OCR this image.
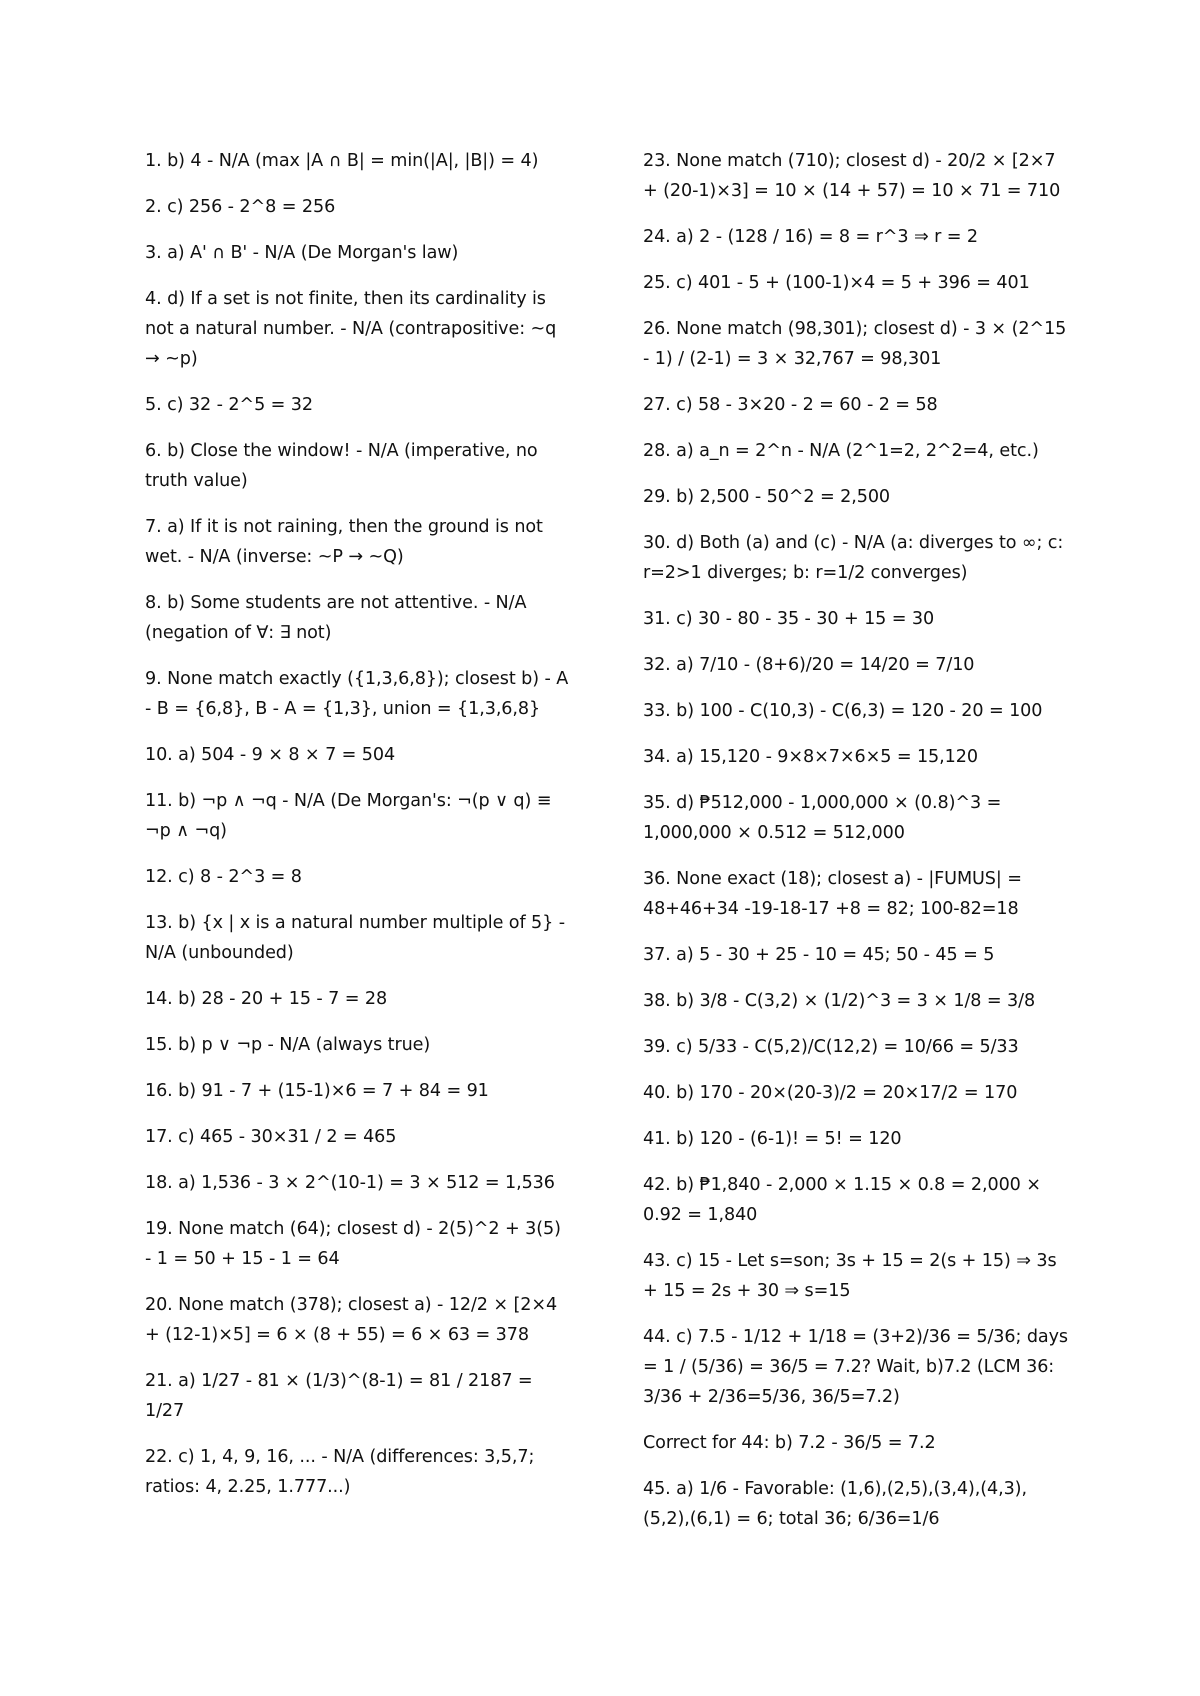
1. b) 4 - N/A (max |A ∩ B| = min(|A|, |B|) = 4)

2. c) 256 - 2^8 = 256

3. a) A' ∩ B' - N/A (De Morgan's law)

4. d) If a set is not finite, then its cardinality is not a natural number. - N/A (contrapositive: ~q → ~p)

5. c) 32 - 2^5 = 32

6. b) Close the window! - N/A (imperative, no truth value)

7. a) If it is not raining, then the ground is not wet. - N/A (inverse: ~P → ~Q)

8. b) Some students are not attentive. - N/A (negation of ∀: ∃ not)

9. None match exactly ({1,3,6,8}); closest b) - A - B = {6,8}, B - A = {1,3}, union = {1,3,6,8}

10. a) 504 - 9 × 8 × 7 = 504

11. b) ¬p ∧ ¬q - N/A (De Morgan's: ¬(p ∨ q) ≡ ¬p ∧ ¬q)

12. c) 8 - 2^3 = 8

13. b) {x | x is a natural number multiple of 5} - N/A (unbounded)

14. b) 28 - 20 + 15 - 7 = 28

15. b) p ∨ ¬p - N/A (always true)

16. b) 91 - 7 + (15-1)×6 = 7 + 84 = 91

17. c) 465 - 30×31 / 2 = 465

18. a) 1,536 - 3 × 2^(10-1) = 3 × 512 = 1,536

19. None match (64); closest d) - 2(5)^2 + 3(5) - 1 = 50 + 15 - 1 = 64

20. None match (378); closest a) - 12/2 × [2×4 + (12-1)×5] = 6 × (8 + 55) = 6 × 63 = 378

21. a) 1/27 - 81 × (1/3)^(8-1) = 81 / 2187 = 1/27

22. c) 1, 4, 9, 16, ... - N/A (differences: 3,5,7; ratios: 4, 2.25, 1.777...)

23. None match (710); closest d) - 20/2 × [2×7 + (20-1)×3] = 10 × (14 + 57) = 10 × 71 = 710

24. a) 2 - (128 / 16) = 8 = r^3 ⇒ r = 2

25. c) 401 - 5 + (100-1)×4 = 5 + 396 = 401

26. None match (98,301); closest d) - 3 × (2^15 - 1) / (2-1) = 3 × 32,767 = 98,301

27. c) 58 - 3×20 - 2 = 60 - 2 = 58

28. a) a_n = 2^n - N/A (2^1=2, 2^2=4, etc.)

29. b) 2,500 - 50^2 = 2,500

30. d) Both (a) and (c) - N/A (a: diverges to ∞; c: r=2>1 diverges; b: r=1/2 converges)

31. c) 30 - 80 - 35 - 30 + 15 = 30

32. a) 7/10 - (8+6)/20 = 14/20 = 7/10

33. b) 100 - C(10,3) - C(6,3) = 120 - 20 = 100

34. a) 15,120 - 9×8×7×6×5 = 15,120

35. d) ₱512,000 - 1,000,000 × (0.8)^3 = 1,000,000 × 0.512 = 512,000

36. None exact (18); closest a) - |FUMUS| = 48+46+34 -19-18-17 +8 = 82; 100-82=18

37. a) 5 - 30 + 25 - 10 = 45; 50 - 45 = 5

38. b) 3/8 - C(3,2) × (1/2)^3 = 3 × 1/8 = 3/8

39. c) 5/33 - C(5,2)/C(12,2) = 10/66 = 5/33

40. b) 170 - 20×(20-3)/2 = 20×17/2 = 170

41. b) 120 - (6-1)! = 5! = 120

42. b) ₱1,840 - 2,000 × 1.15 × 0.8 = 2,000 × 0.92 = 1,840

43. c) 15 - Let s=son; 3s + 15 = 2(s + 15) ⇒ 3s + 15 = 2s + 30 ⇒ s=15

44. c) 7.5 - 1/12 + 1/18 = (3+2)/36 = 5/36; days = 1 / (5/36) = 36/5 = 7.2? Wait, b)7.2 (LCM 36: 3/36 + 2/36=5/36, 36/5=7.2)

Correct for 44: b) 7.2 - 36/5 = 7.2

45. a) 1/6 - Favorable: (1,6),(2,5),(3,4),(4,3),(5,2),(6,1) = 6; total 36; 6/36=1/6
